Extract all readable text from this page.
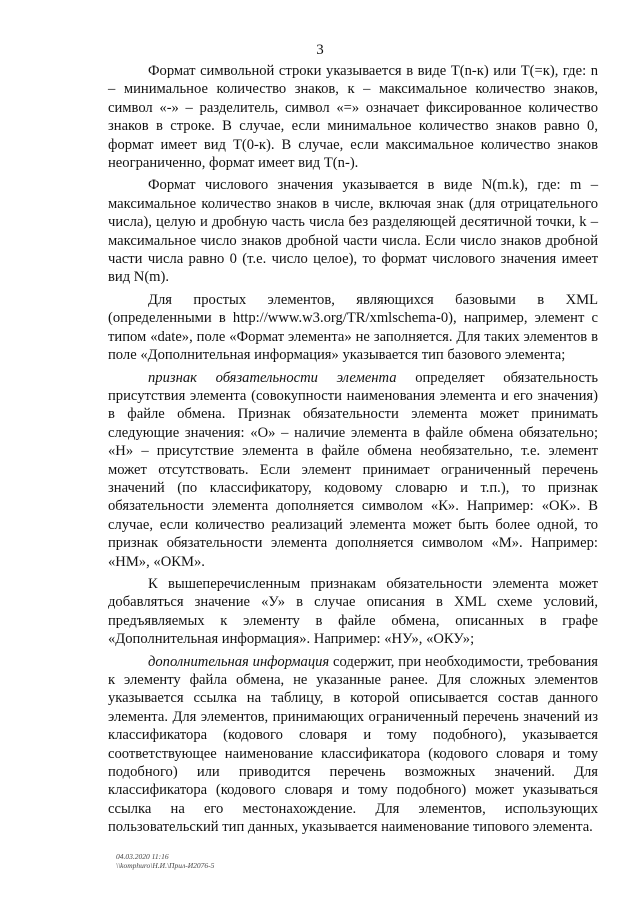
3

Формат символьной строки указывается в виде T(n-к) или T(=к), где: n – минимальное количество знаков, к – максимальное количество знаков, символ «-» – разделитель, символ «=» означает фиксированное количество знаков в строке. В случае, если минимальное количество знаков равно 0, формат имеет вид T(0-к). В случае, если максимальное количество знаков неограниченно, формат имеет вид T(n-).

Формат числового значения указывается в виде N(m.k), где: m – максимальное количество знаков в числе, включая знак (для отрицательного числа), целую и дробную часть числа без разделяющей десятичной точки, k – максимальное число знаков дробной части числа. Если число знаков дробной части числа равно 0 (т.е. число целое), то формат числового значения имеет вид N(m).

Для простых элементов, являющихся базовыми в XML (определенными в http://www.w3.org/TR/xmlschema-0), например, элемент с типом «date», поле «Формат элемента» не заполняется. Для таких элементов в поле «Дополнительная информация» указывается тип базового элемента;

признак обязательности элемента определяет обязательность присутствия элемента (совокупности наименования элемента и его значения) в файле обмена. Признак обязательности элемента может принимать следующие значения: «О» – наличие элемента в файле обмена обязательно; «Н» – присутствие элемента в файле обмена необязательно, т.е. элемент может отсутствовать. Если элемент принимает ограниченный перечень значений (по классификатору, кодовому словарю и т.п.), то признак обязательности элемента дополняется символом «К». Например: «ОК». В случае, если количество реализаций элемента может быть более одной, то признак обязательности элемента дополняется символом «М». Например: «НМ», «ОКМ».

К вышеперечисленным признакам обязательности элемента может добавляться значение «У» в случае описания в XML схеме условий, предъявляемых к элементу в файле обмена, описанных в графе «Дополнительная информация». Например: «НУ», «ОКУ»;

дополнительная информация содержит, при необходимости, требования к элементу файла обмена, не указанные ранее. Для сложных элементов указывается ссылка на таблицу, в которой описывается состав данного элемента. Для элементов, принимающих ограниченный перечень значений из классификатора (кодового словаря и тому подобного), указывается соответствующее наименование классификатора (кодового словаря и тому подобного) или приводится перечень возможных значений. Для классификатора (кодового словаря и тому подобного) может указываться ссылка на его местонахождение. Для элементов, использующих пользовательский тип данных, указывается наименование типового элемента.

04.03.2020 11:16
\\komphuro\Н.И.\Прил-И2076-5
